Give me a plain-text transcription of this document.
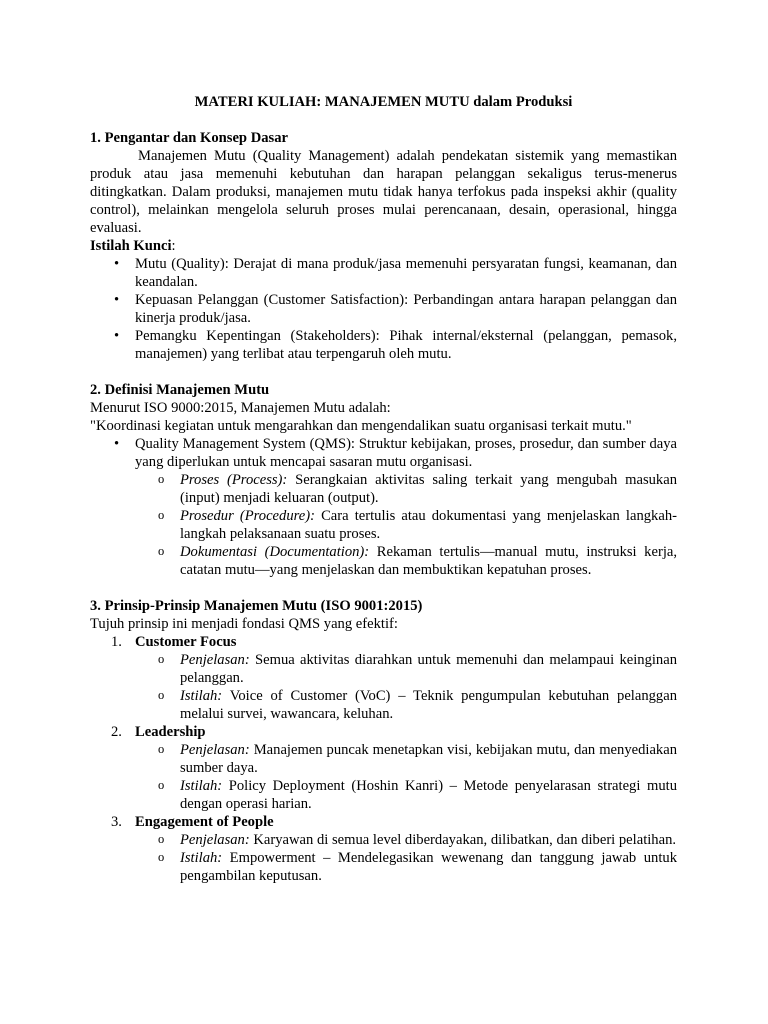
MATERI KULIAH: MANAJEMEN MUTU dalam Produksi

1. Pengantar dan Konsep Dasar

Manajemen Mutu (Quality Management) adalah pendekatan sistemik yang memastikan produk atau jasa memenuhi kebutuhan dan harapan pelanggan sekaligus terus-menerus ditingkatkan. Dalam produksi, manajemen mutu tidak hanya terfokus pada inspeksi akhir (quality control), melainkan mengelola seluruh proses mulai perencanaan, desain, operasional, hingga evaluasi.

Istilah Kunci:

• Mutu (Quality): Derajat di mana produk/jasa memenuhi persyaratan fungsi, keamanan, dan keandalan.
• Kepuasan Pelanggan (Customer Satisfaction): Perbandingan antara harapan pelanggan dan kinerja produk/jasa.
• Pemangku Kepentingan (Stakeholders): Pihak internal/eksternal (pelanggan, pemasok, manajemen) yang terlibat atau terpengaruh oleh mutu.

2. Definisi Manajemen Mutu

Menurut ISO 9000:2015, Manajemen Mutu adalah:

"Koordinasi kegiatan untuk mengarahkan dan mengendalikan suatu organisasi terkait mutu."

• Quality Management System (QMS): Struktur kebijakan, proses, prosedur, dan sumber daya yang diperlukan untuk mencapai sasaran mutu organisasi.
o Proses (Process): Serangkaian aktivitas saling terkait yang mengubah masukan (input) menjadi keluaran (output).
o Prosedur (Procedure): Cara tertulis atau dokumentasi yang menjelaskan langkah-langkah pelaksanaan suatu proses.
o Dokumentasi (Documentation): Rekaman tertulis—manual mutu, instruksi kerja, catatan mutu—yang menjelaskan dan membuktikan kepatuhan proses.

3. Prinsip-Prinsip Manajemen Mutu (ISO 9001:2015)

Tujuh prinsip ini menjadi fondasi QMS yang efektif:

1. Customer Focus
o Penjelasan: Semua aktivitas diarahkan untuk memenuhi dan melampaui keinginan pelanggan.
o Istilah: Voice of Customer (VoC) – Teknik pengumpulan kebutuhan pelanggan melalui survei, wawancara, keluhan.
2. Leadership
o Penjelasan: Manajemen puncak menetapkan visi, kebijakan mutu, dan menyediakan sumber daya.
o Istilah: Policy Deployment (Hoshin Kanri) – Metode penyelarasan strategi mutu dengan operasi harian.
3. Engagement of People
o Penjelasan: Karyawan di semua level diberdayakan, dilibatkan, dan diberi pelatihan.
o Istilah: Empowerment – Mendelegasikan wewenang dan tanggung jawab untuk pengambilan keputusan.
